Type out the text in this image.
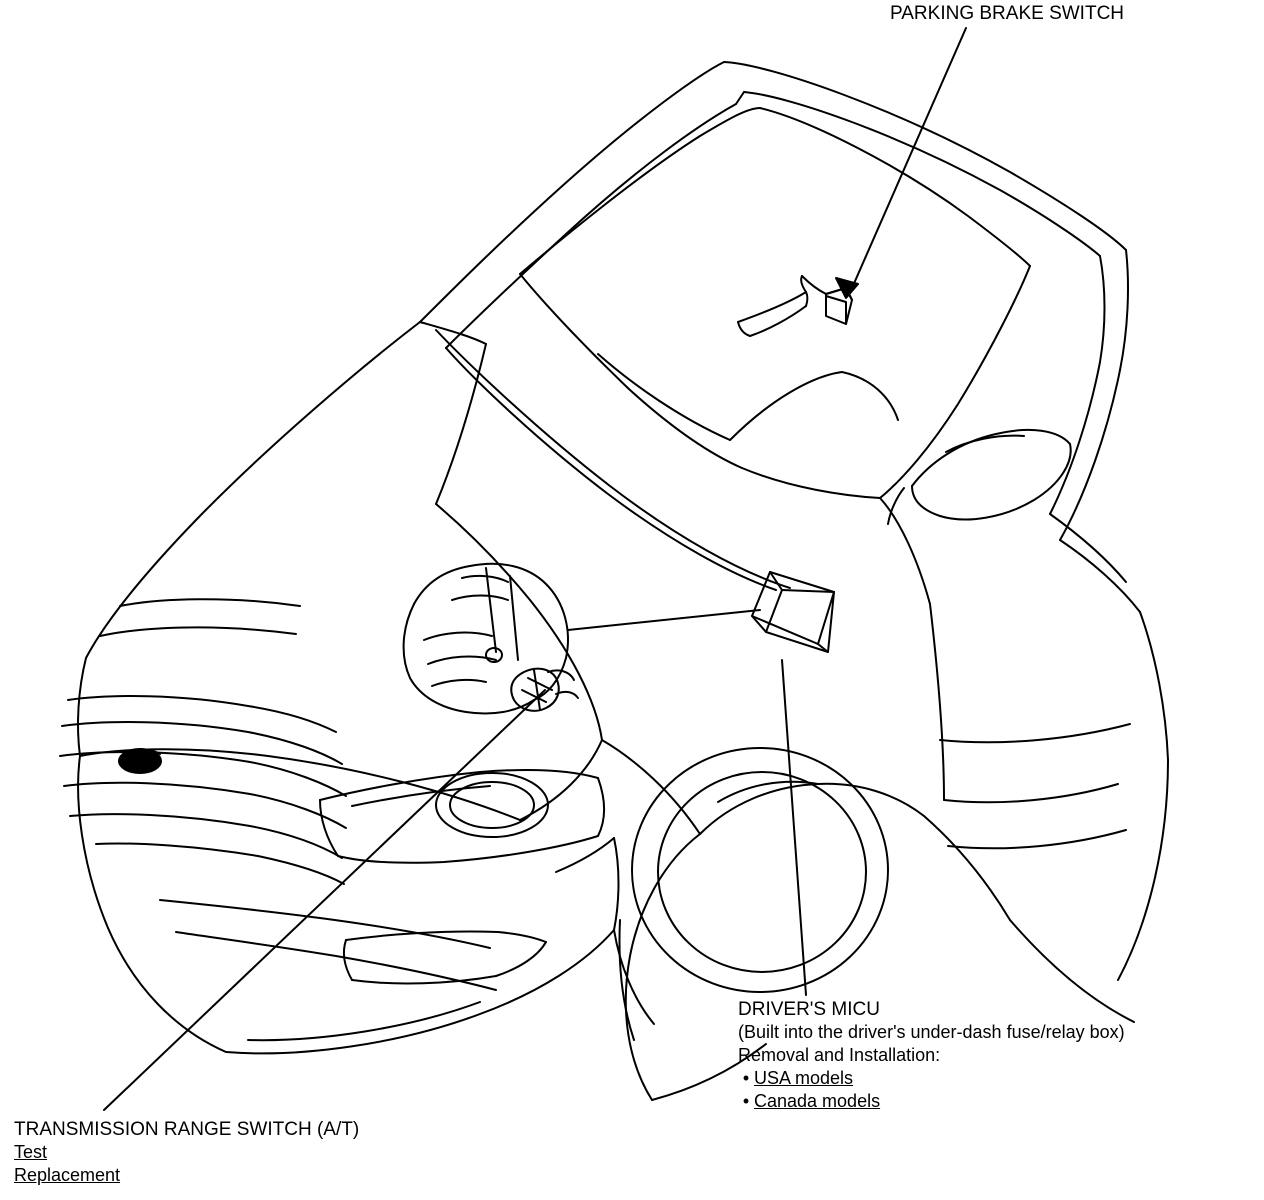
PARKING BRAKE SWITCH
DRIVER'S MICU
(Built into the driver's under-dash fuse/relay box)
Removal and Installation:
• USA models
• Canada models
TRANSMISSION RANGE SWITCH (A/T)
Test
Replacement
